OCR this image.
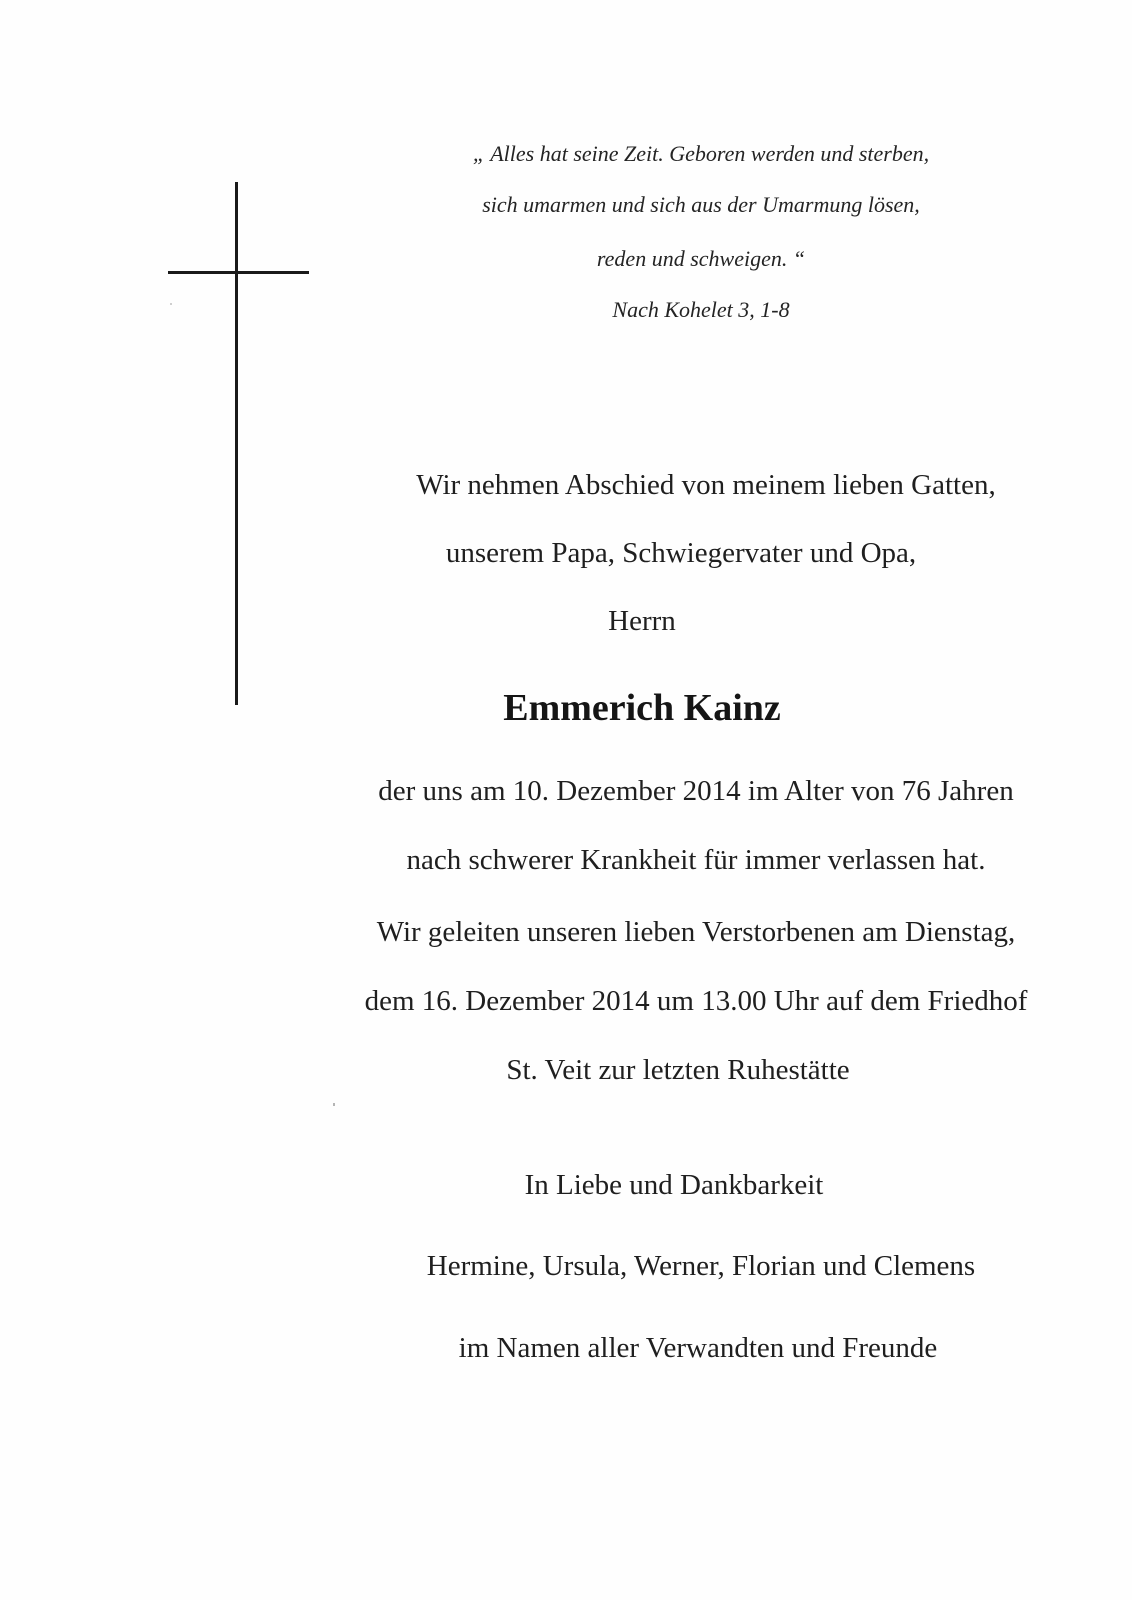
„ Alles hat seine Zeit. Geboren werden und sterben,
sich umarmen und sich aus der Umarmung lösen,
reden und schweigen. “
Nach Kohelet 3, 1-8
Wir nehmen Abschied von meinem lieben Gatten,
unserem Papa, Schwiegervater und Opa,
Herrn
Emmerich Kainz
der uns am 10. Dezember 2014 im Alter von 76 Jahren
nach schwerer Krankheit für immer verlassen hat.
Wir geleiten unseren lieben Verstorbenen am Dienstag,
dem 16. Dezember 2014 um 13.00 Uhr auf dem Friedhof
St. Veit zur letzten Ruhestätte
In Liebe und Dankbarkeit
Hermine, Ursula, Werner, Florian und Clemens
im Namen aller Verwandten und Freunde
